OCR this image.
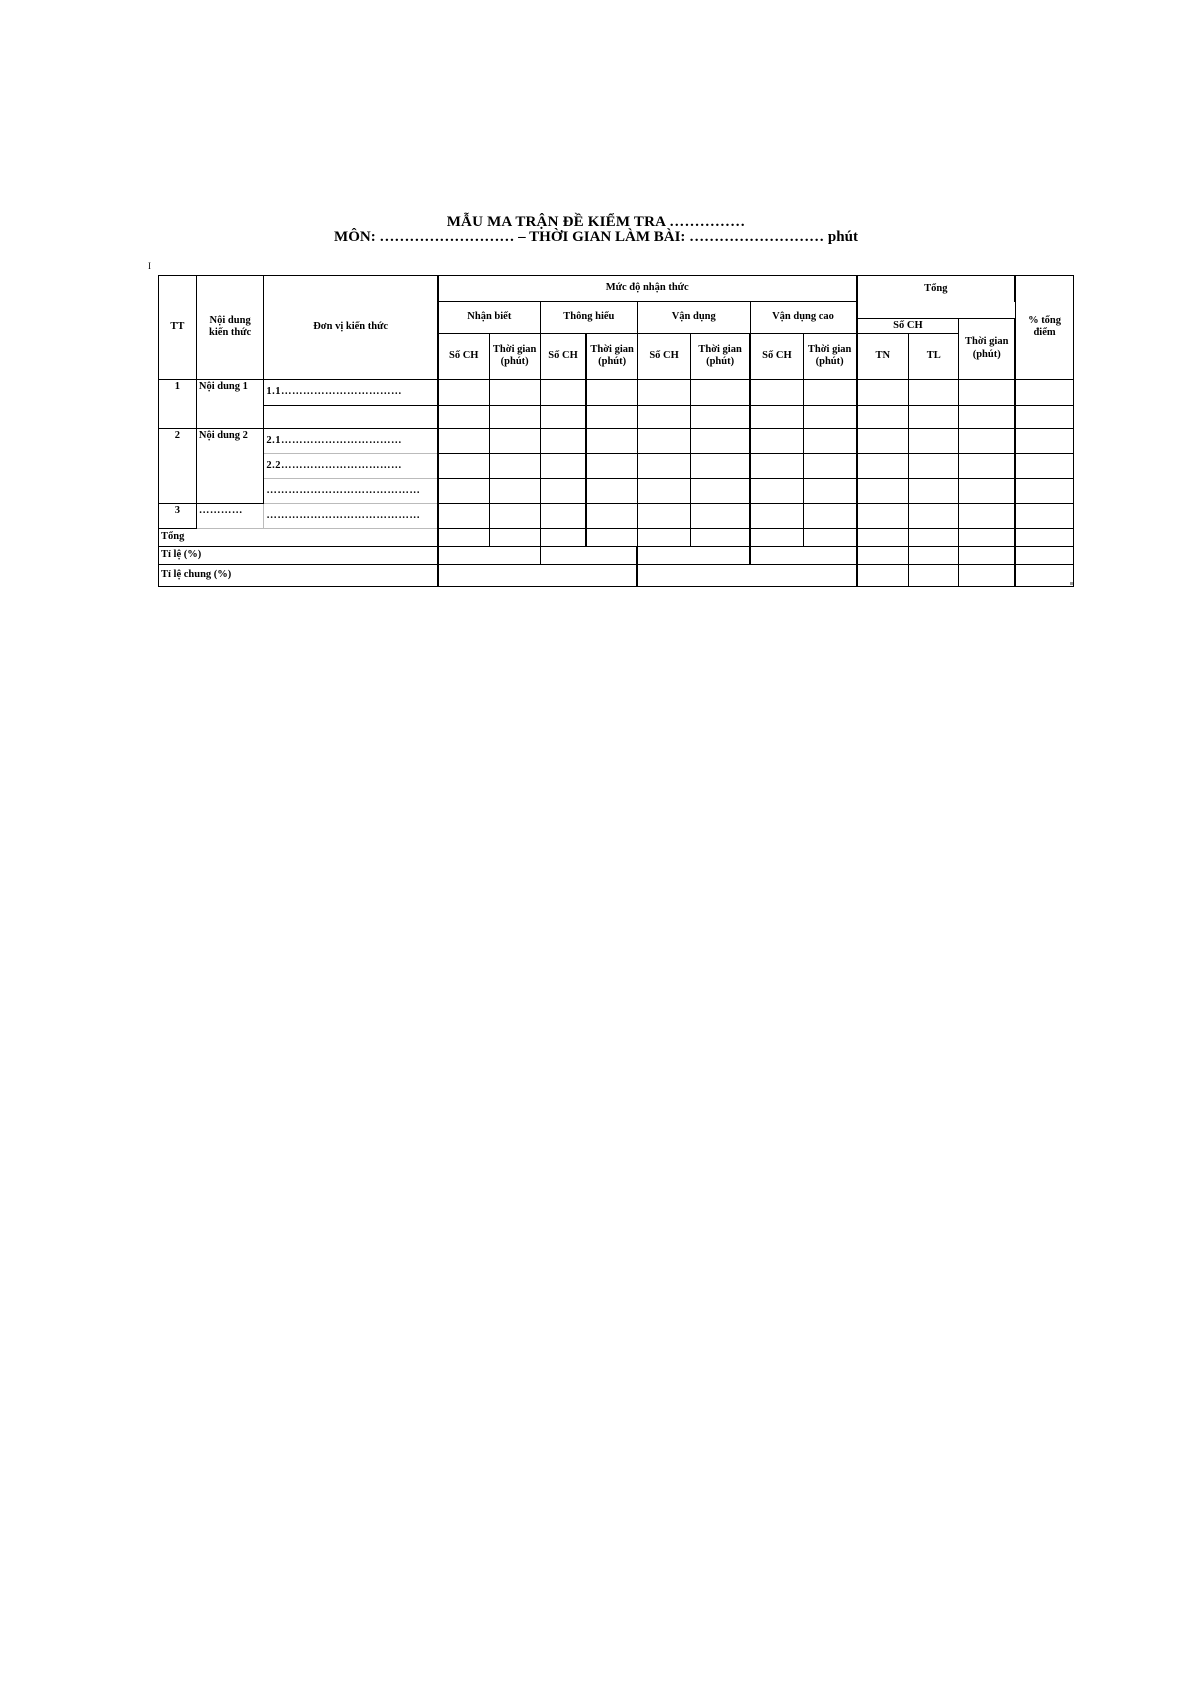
MẪU MA TRẬN ĐỀ KIỂM TRA ……………
MÔN: ……………………… – THỜI GIAN LÀM BÀI: ……………………… phút
I
TT	Nội dung kiến thức	Đơn vị kiến thức	Mức độ nhận thức								Tổng			% tổng điểm
			Nhận biết		Thông hiểu		Vận dụng		Vận dụng cao					
											Số CH		Thời gian (phút)	
			Số CH	Thời gian (phút)	Số CH	Thời gian (phút)	Số CH	Thời gian (phút)	Số CH	Thời gian (phút)	TN	TL		
1	Nội dung 1	1.1……………………………												

2	Nội dung 2	2.1……………………………												
		2.2……………………………												
		……………………………………												
3	…………	……………………………………												
Tổng														
Tỉ lệ (%)														
Tỉ lệ chung (%)														
